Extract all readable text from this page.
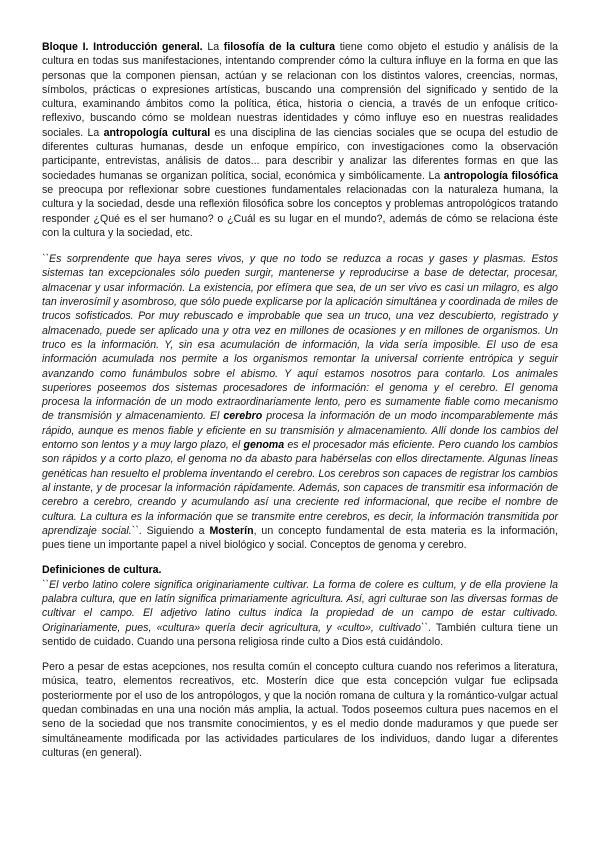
Bloque I. Introducción general. La filosofía de la cultura tiene como objeto el estudio y análisis de la cultura en todas sus manifestaciones, intentando comprender cómo la cultura influye en la forma en que las personas que la componen piensan, actúan y se relacionan con los distintos valores, creencias, normas, símbolos, prácticas o expresiones artísticas, buscando una comprensión del significado y sentido de la cultura, examinando ámbitos como la política, ética, historia o ciencia, a través de un enfoque crítico-reflexivo, buscando cómo se moldean nuestras identidades y cómo influye eso en nuestras realidades sociales. La antropología cultural es una disciplina de las ciencias sociales que se ocupa del estudio de diferentes culturas humanas, desde un enfoque empírico, con investigaciones como la observación participante, entrevistas, análisis de datos... para describir y analizar las diferentes formas en que las sociedades humanas se organizan política, social, económica y simbólicamente. La antropología filosófica se preocupa por reflexionar sobre cuestiones fundamentales relacionadas con la naturaleza humana, la cultura y la sociedad, desde una reflexión filosófica sobre los conceptos y problemas antropológicos tratando responder ¿Qué es el ser humano? o ¿Cuál es su lugar en el mundo?, además de cómo se relaciona éste con la cultura y la sociedad, etc.

``Es sorprendente que haya seres vivos, y que no todo se reduzca a rocas y gases y plasmas. Estos sistemas tan excepcionales sólo pueden surgir, mantenerse y reproducirse a base de detectar, procesar, almacenar y usar información. La existencia, por efímera que sea, de un ser vivo es casi un milagro, es algo tan inverosímil y asombroso, que sólo puede explicarse por la aplicación simultánea y coordinada de miles de trucos sofisticados. Por muy rebuscado e improbable que sea un truco, una vez descubierto, registrado y almacenado, puede ser aplicado una y otra vez en millones de ocasiones y en millones de organismos. Un truco es la información. Y, sin esa acumulación de información, la vida sería imposible. El uso de esa información acumulada nos permite a los organismos remontar la universal corriente entrópica y seguir avanzando como funámbulos sobre el abismo. Y aquí estamos nosotros para contarlo. Los animales superiores poseemos dos sistemas procesadores de información: el genoma y el cerebro. El genoma procesa la información de un modo extraordinariamente lento, pero es sumamente fiable como mecanismo de transmisión y almacenamiento. El cerebro procesa la información de un modo incomparablemente más rápido, aunque es menos fiable y eficiente en su transmisión y almacenamiento. Allí donde los cambios del entorno son lentos y a muy largo plazo, el genoma es el procesador más eficiente. Pero cuando los cambios son rápidos y a corto plazo, el genoma no da abasto para habérselas con ellos directamente. Algunas líneas genéticas han resuelto el problema inventando el cerebro. Los cerebros son capaces de registrar los cambios al instante, y de procesar la información rápidamente. Además, son capaces de transmitir esa información de cerebro a cerebro, creando y acumulando así una creciente red informacional, que recibe el nombre de cultura. La cultura es la información que se transmite entre cerebros, es decir, la información transmitida por aprendizaje social.``. Siguiendo a Mosterín, un concepto fundamental de esta materia es la información, pues tiene un importante papel a nivel biológico y social. Conceptos de genoma y cerebro.

Definiciones de cultura.

``El verbo latino colere significa originariamente cultivar. La forma de colere es cultum, y de ella proviene la palabra cultura, que en latín significa primariamente agricultura. Así, agri culturae son las diversas formas de cultivar el campo. El adjetivo latino cultus indica la propiedad de un campo de estar cultivado. Originariamente, pues, «cultura» quería decir agricultura, y «culto», cultivado``. También cultura tiene un sentido de cuidado. Cuando una persona religiosa rinde culto a Dios está cuidándolo.

Pero a pesar de estas acepciones, nos resulta común el concepto cultura cuando nos referimos a literatura, música, teatro, elementos recreativos, etc. Mosterín dice que esta concepción vulgar fue eclipsada posteriormente por el uso de los antropólogos, y que la noción romana de cultura y la romántico-vulgar actual quedan combinadas en una una noción más amplia, la actual. Todos poseemos cultura pues nacemos en el seno de la sociedad que nos transmite conocimientos, y es el medio donde maduramos y que puede ser simultáneamente modificada por las actividades particulares de los individuos, dando lugar a diferentes culturas (en general).
